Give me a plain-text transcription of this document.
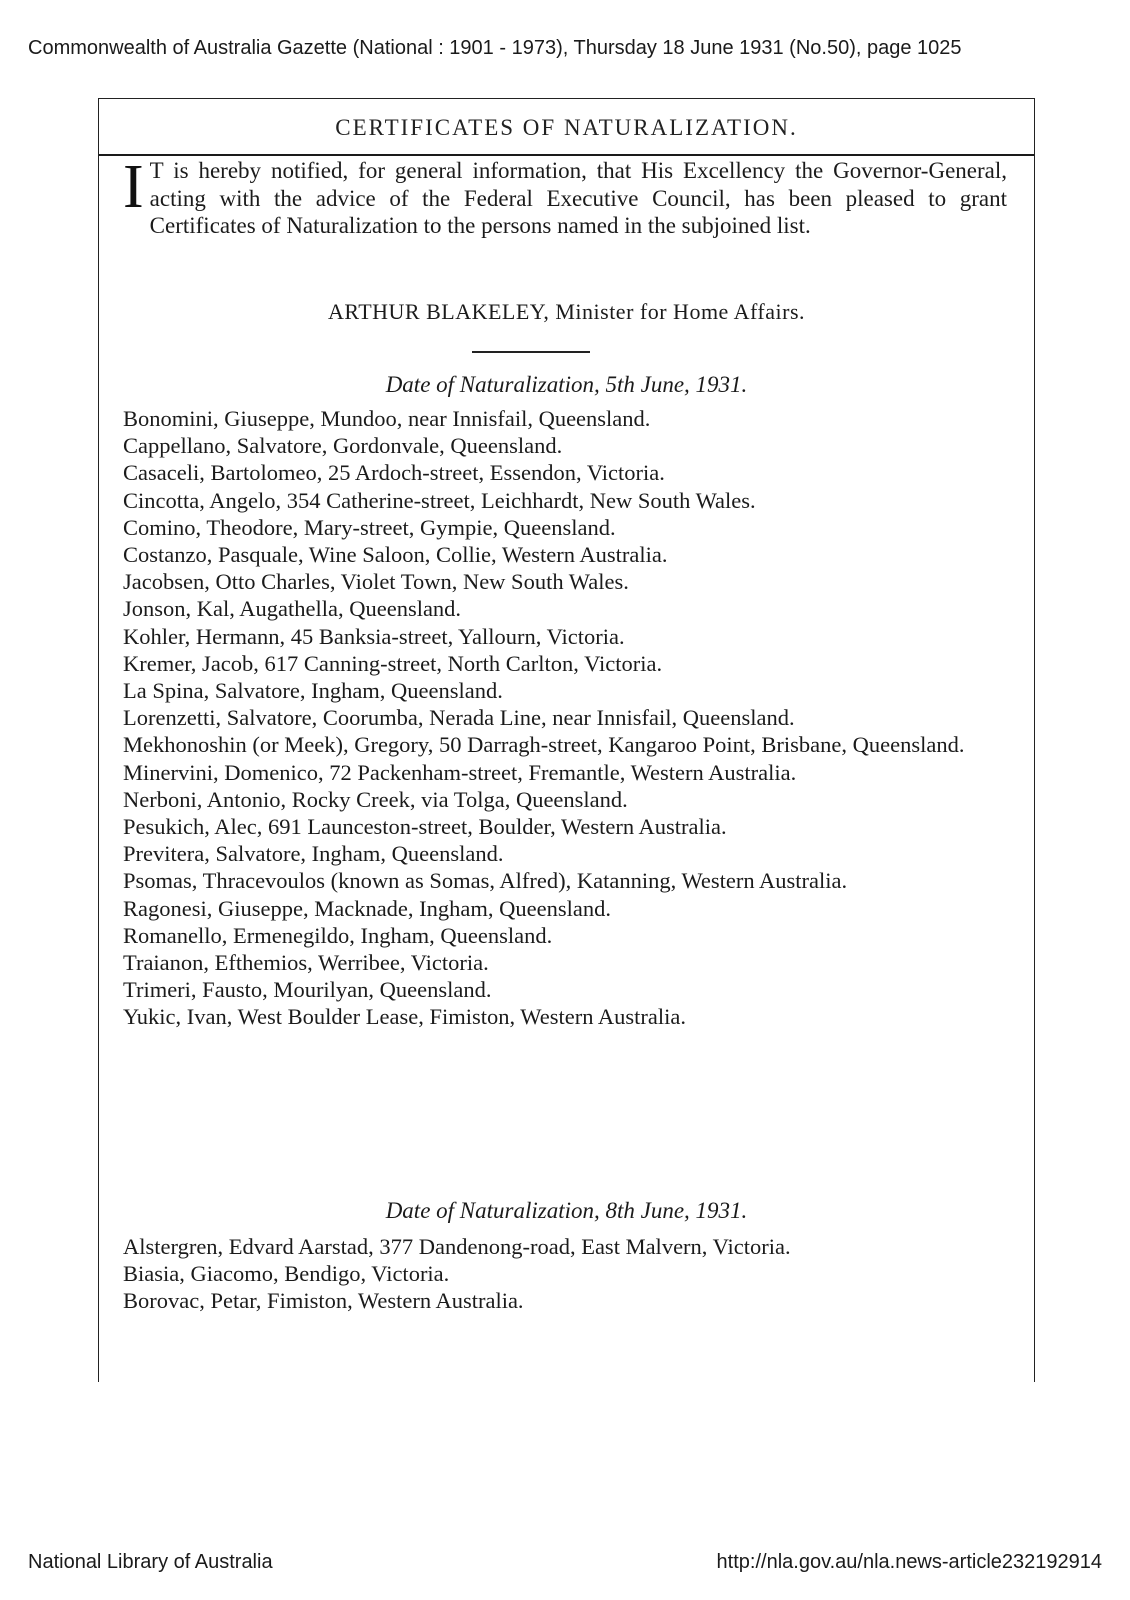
Commonwealth of Australia Gazette (National : 1901 - 1973), Thursday 18 June 1931 (No.50), page 1025
CERTIFICATES OF NATURALIZATION.
I T is hereby notified, for general information, that His Excellency the Governor-General, acting with the advice of the Federal Executive Council, has been pleased to grant Certificates of Naturalization to the persons named in the subjoined list.
ARTHUR BLAKELEY, Minister for Home Affairs.
Date of Naturalization, 5th June, 1931.
Bonomini, Giuseppe, Mundoo, near Innisfail, Queensland.
Cappellano, Salvatore, Gordonvale, Queensland.
Casaceli, Bartolomeo, 25 Ardoch-street, Essendon, Victoria.
Cincotta, Angelo, 354 Catherine-street, Leichhardt, New South Wales.
Comino, Theodore, Mary-street, Gympie, Queensland.
Costanzo, Pasquale, Wine Saloon, Collie, Western Australia.
Jacobsen, Otto Charles, Violet Town, New South Wales.
Jonson, Kal, Augathella, Queensland.
Kohler, Hermann, 45 Banksia-street, Yallourn, Victoria.
Kremer, Jacob, 617 Canning-street, North Carlton, Victoria.
La Spina, Salvatore, Ingham, Queensland.
Lorenzetti, Salvatore, Coorumba, Nerada Line, near Innisfail, Queensland.
Mekhonoshin (or Meek), Gregory, 50 Darragh-street, Kangaroo Point, Brisbane, Queensland.
Minervini, Domenico, 72 Packenham-street, Fremantle, Western Australia.
Nerboni, Antonio, Rocky Creek, via Tolga, Queensland.
Pesukich, Alec, 691 Launceston-street, Boulder, Western Australia.
Previtera, Salvatore, Ingham, Queensland.
Psomas, Thracevoulos (known as Somas, Alfred), Katanning, Western Australia.
Ragonesi, Giuseppe, Macknade, Ingham, Queensland.
Romanello, Ermenegildo, Ingham, Queensland.
Traianon, Efthemios, Werribee, Victoria.
Trimeri, Fausto, Mourilyan, Queensland.
Yukic, Ivan, West Boulder Lease, Fimiston, Western Australia.
Date of Naturalization, 8th June, 1931.
Alstergren, Edvard Aarstad, 377 Dandenong-road, East Malvern, Victoria.
Biasia, Giacomo, Bendigo, Victoria.
Borovac, Petar, Fimiston, Western Australia.
National Library of Australia	http://nla.gov.au/nla.news-article232192914
